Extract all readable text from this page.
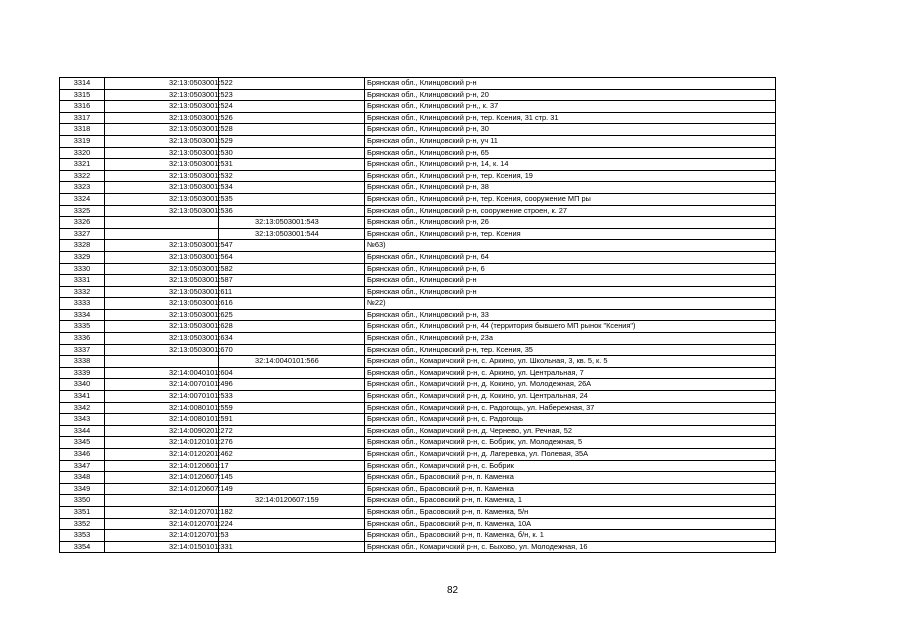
3314	32:13:0503001:522		Брянская обл., Клинцовский р-н
3315	32:13:0503001:523		Брянская обл., Клинцовский р-н, 20
3316	32:13:0503001:524		Брянская обл., Клинцовский р-н,, к. 37
3317	32:13:0503001:526		Брянская обл., Клинцовский р-н, тер. Ксения, 31 стр. 31
3318	32:13:0503001:528		Брянская обл., Клинцовский р-н, 30
3319	32:13:0503001:529		Брянская обл., Клинцовский р-н, уч 11
3320	32:13:0503001:530		Брянская обл., Клинцовский р-н, 65
3321	32:13:0503001:531		Брянская обл., Клинцовский р-н, 14, к. 14
3322	32:13:0503001:532		Брянская обл., Клинцовский р-н, тер. Ксения, 19
3323	32:13:0503001:534		Брянская обл., Клинцовский р-н, 38
3324	32:13:0503001:535		Брянская обл., Клинцовский р-н, тер. Ксения, сооружение МП ры
3325	32:13:0503001:536		Брянская обл., Клинцовский р-н, сооружение строен, к. 27
3326		32:13:0503001:543	Брянская обл., Клинцовский р-н, 26
3327		32:13:0503001:544	Брянская обл., Клинцовский р-н, тер. Ксения
3328	32:13:0503001:547		№63)
3329	32:13:0503001:564		Брянская обл., Клинцовский р-н, 64
3330	32:13:0503001:582		Брянская обл., Клинцовский р-н, 6
3331	32:13:0503001:587		Брянская обл., Клинцовский р-н
3332	32:13:0503001:611		Брянская обл., Клинцовский р-н
3333	32:13:0503001:616		№22)
3334	32:13:0503001:625		Брянская обл., Клинцовский р-н, 33
3335	32:13:0503001:628		Брянская обл., Клинцовский р-н, 44 (территория бывшего МП рынок "Ксения")
3336	32:13:0503001:634		Брянская обл., Клинцовский р-н, 23а
3337	32:13:0503001:670		Брянская обл., Клинцовский р-н, тер. Ксения, 35
3338		32:14:0040101:566	Брянская обл., Комаричский р-н, с. Аркино, ул. Школьная, 3, кв. 5, к. 5
3339	32:14:0040101:604		Брянская обл., Комаричский р-н, с. Аркино, ул. Центральная, 7
3340	32:14:0070101:496		Брянская обл., Комаричский р-н, д. Кокино, ул. Молодежная, 26А
3341	32:14:0070101:533		Брянская обл., Комаричский р-н, д. Кокино, ул. Центральная, 24
3342	32:14:0080101:559		Брянская обл., Комаричский р-н, с. Радогощь, ул. Набережная, 37
3343	32:14:0080101:591		Брянская обл., Комаричский р-н, с. Радогощь
3344	32:14:0090201:272		Брянская обл., Комаричский р-н, д. Чернево, ул. Речная, 52
3345	32:14:0120101:276		Брянская обл., Комаричский р-н, с. Бобрик, ул. Молодежная, 5
3346	32:14:0120201:462		Брянская обл., Комаричский р-н, д. Лагеревка, ул. Полевая, 35А
3347	32:14:0120601:17		Брянская обл., Комаричский р-н, с. Бобрик
3348	32:14:0120607:145		Брянская обл., Брасовский р-н, п. Каменка
3349	32:14:0120607:149		Брянская обл., Брасовский р-н, п. Каменка
3350		32:14:0120607:159	Брянская обл., Брасовский р-н, п. Каменка, 1
3351	32:14:0120701:182		Брянская обл., Брасовский р-н, п. Каменка, 5/н
3352	32:14:0120701:224		Брянская обл., Брасовский р-н, п. Каменка, 10А
3353	32:14:0120701:53		Брянская обл., Брасовский р-н, п. Каменка, б/н, к. 1
3354	32:14:0150101:331		Брянская обл., Комаричский р-н, с. Быхово, ул. Молодежная, 16
82
